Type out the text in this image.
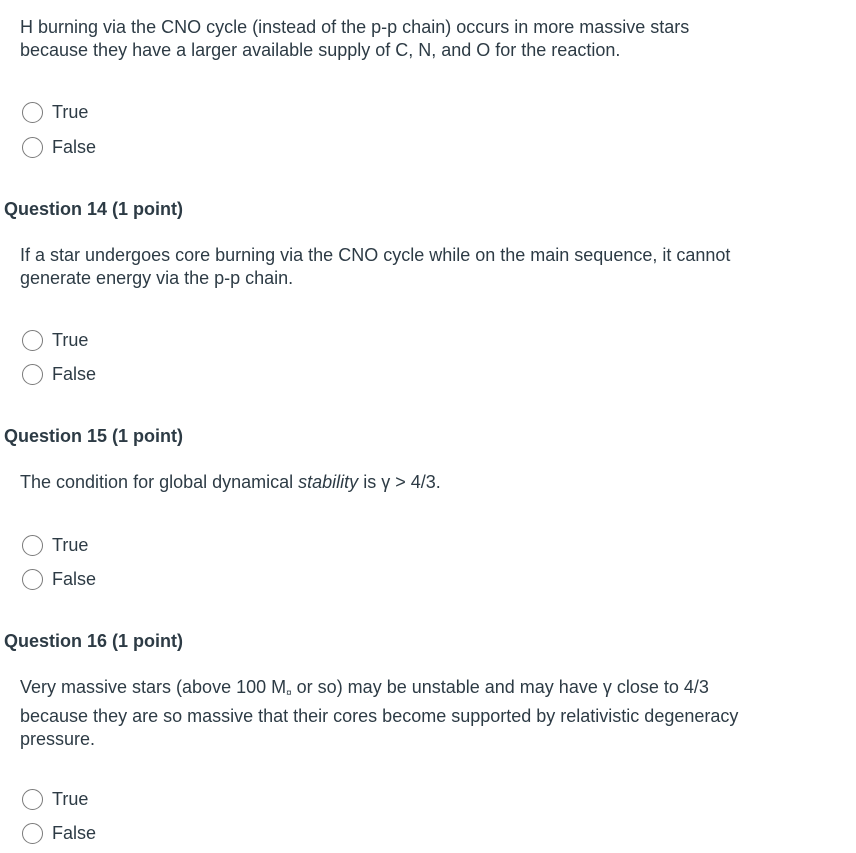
H burning via the CNO cycle (instead of the p-p chain) occurs in more massive stars because they have a larger available supply of C, N, and O for the reaction.

True
False
Question 14 (1 point)

If a star undergoes core burning via the CNO cycle while on the main sequence, it cannot generate energy via the p-p chain.

True
False
Question 15 (1 point)

The condition for global dynamical stability is γ > 4/3.

True
False
Question 16 (1 point)

Very massive stars (above 100 $M_¤$ or so) may be unstable and may have γ close to 4/3 because they are so massive that their cores become supported by relativistic degeneracy pressure.

True
False
